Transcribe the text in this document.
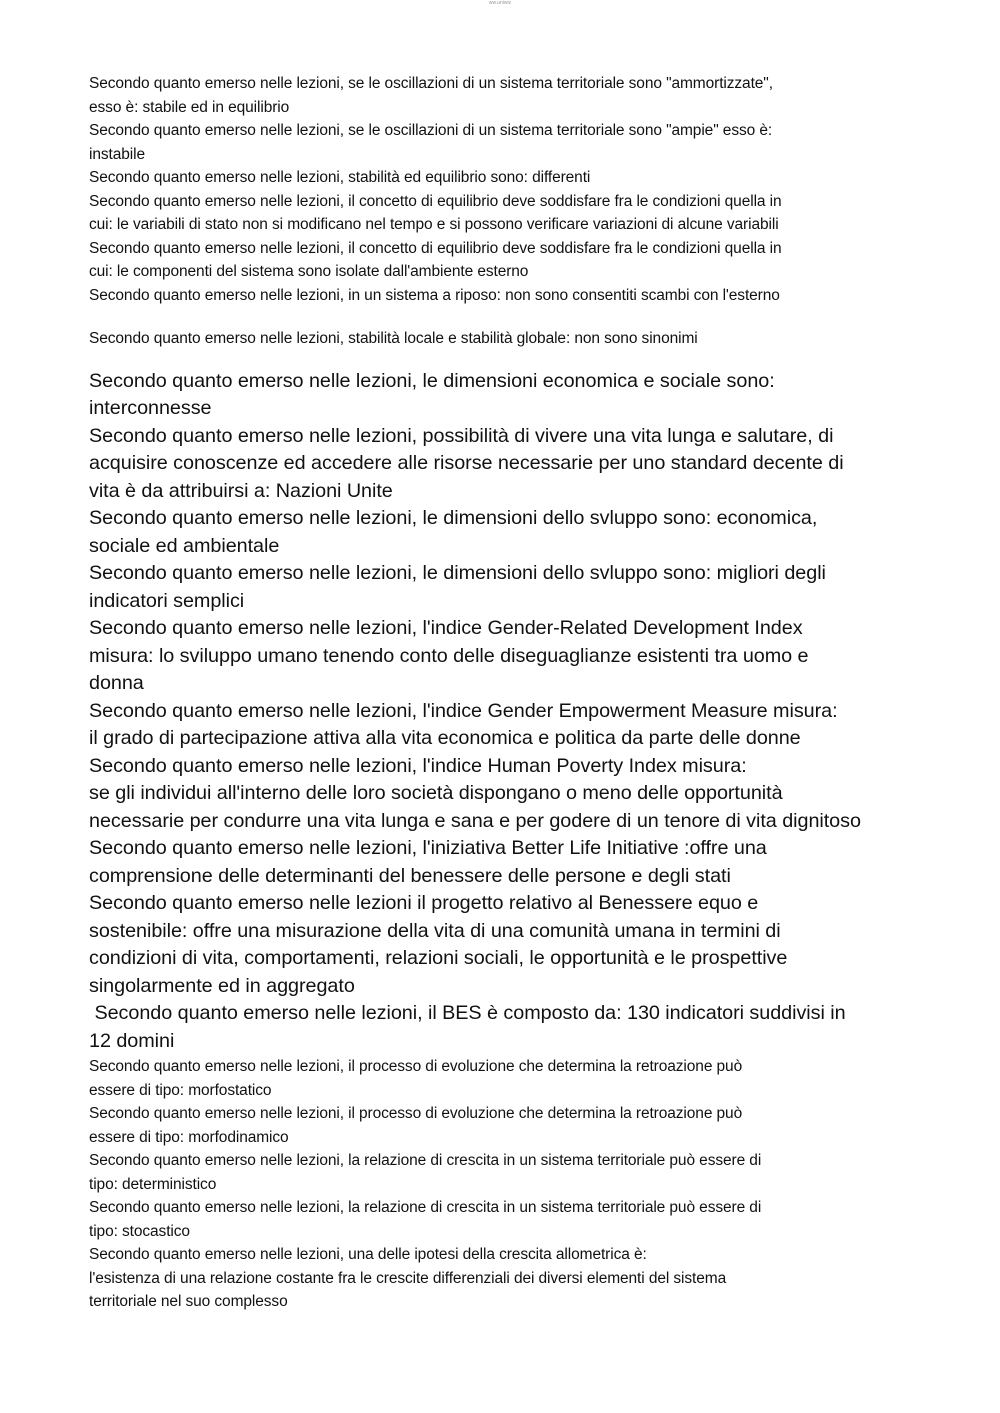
ww.uniwiz

Secondo quanto emerso nelle lezioni, se le oscillazioni di un sistema territoriale sono "ammortizzate",

esso è: stabile ed in equilibrio

Secondo quanto emerso nelle lezioni, se le oscillazioni di un sistema territoriale sono "ampie" esso è:

instabile

Secondo quanto emerso nelle lezioni, stabilità ed equilibrio sono: differenti

Secondo quanto emerso nelle lezioni, il concetto di equilibrio deve soddisfare fra le condizioni quella in

cui: le variabili di stato non si modificano nel tempo e si possono verificare variazioni di alcune variabili

Secondo quanto emerso nelle lezioni, il concetto di equilibrio deve soddisfare fra le condizioni quella in

cui: le componenti del sistema sono isolate dall'ambiente esterno

Secondo quanto emerso nelle lezioni, in un sistema a riposo: non sono consentiti scambi con l'esterno

Secondo quanto emerso nelle lezioni, stabilità locale e stabilità globale: non sono sinonimi

Secondo quanto emerso nelle lezioni, le dimensioni economica e sociale sono:

interconnesse

Secondo quanto emerso nelle lezioni, possibilità di vivere una vita lunga e salutare, di

acquisire conoscenze ed accedere alle risorse necessarie per uno standard decente di

vita è da attribuirsi a: Nazioni Unite

Secondo quanto emerso nelle lezioni, le dimensioni dello svluppo sono: economica,

sociale ed ambientale

Secondo quanto emerso nelle lezioni, le dimensioni dello svluppo sono: migliori degli

indicatori semplici

Secondo quanto emerso nelle lezioni, l'indice Gender-Related Development Index

misura: lo sviluppo umano tenendo conto delle diseguaglianze esistenti tra uomo e

donna

Secondo quanto emerso nelle lezioni, l'indice Gender Empowerment Measure misura:

il grado di partecipazione attiva alla vita economica e politica da parte delle donne

Secondo quanto emerso nelle lezioni, l'indice Human Poverty Index misura:

se gli individui all'interno delle loro società dispongano o meno delle opportunità

necessarie per condurre una vita lunga e sana e per godere di un tenore di vita dignitoso

Secondo quanto emerso nelle lezioni, l'iniziativa Better Life Initiative :offre una

comprensione delle determinanti del benessere delle persone e degli stati

Secondo quanto emerso nelle lezioni il progetto relativo al Benessere equo e

sostenibile: offre una misurazione della vita di una comunità umana in termini di

condizioni di vita, comportamenti, relazioni sociali, le opportunità e le prospettive

singolarmente ed in aggregato

Secondo quanto emerso nelle lezioni, il BES è composto da: 130 indicatori suddivisi in

12 domini

Secondo quanto emerso nelle lezioni, il processo di evoluzione che determina la retroazione può

essere di tipo: morfostatico

Secondo quanto emerso nelle lezioni, il processo di evoluzione che determina la retroazione può

essere di tipo: morfodinamico

Secondo quanto emerso nelle lezioni, la relazione di crescita in un sistema territoriale può essere di

tipo: deterministico

Secondo quanto emerso nelle lezioni, la relazione di crescita in un sistema territoriale può essere di

tipo: stocastico

Secondo quanto emerso nelle lezioni, una delle ipotesi della crescita allometrica è:

l'esistenza di una relazione costante fra le crescite differenziali dei diversi elementi del sistema

territoriale nel suo complesso
